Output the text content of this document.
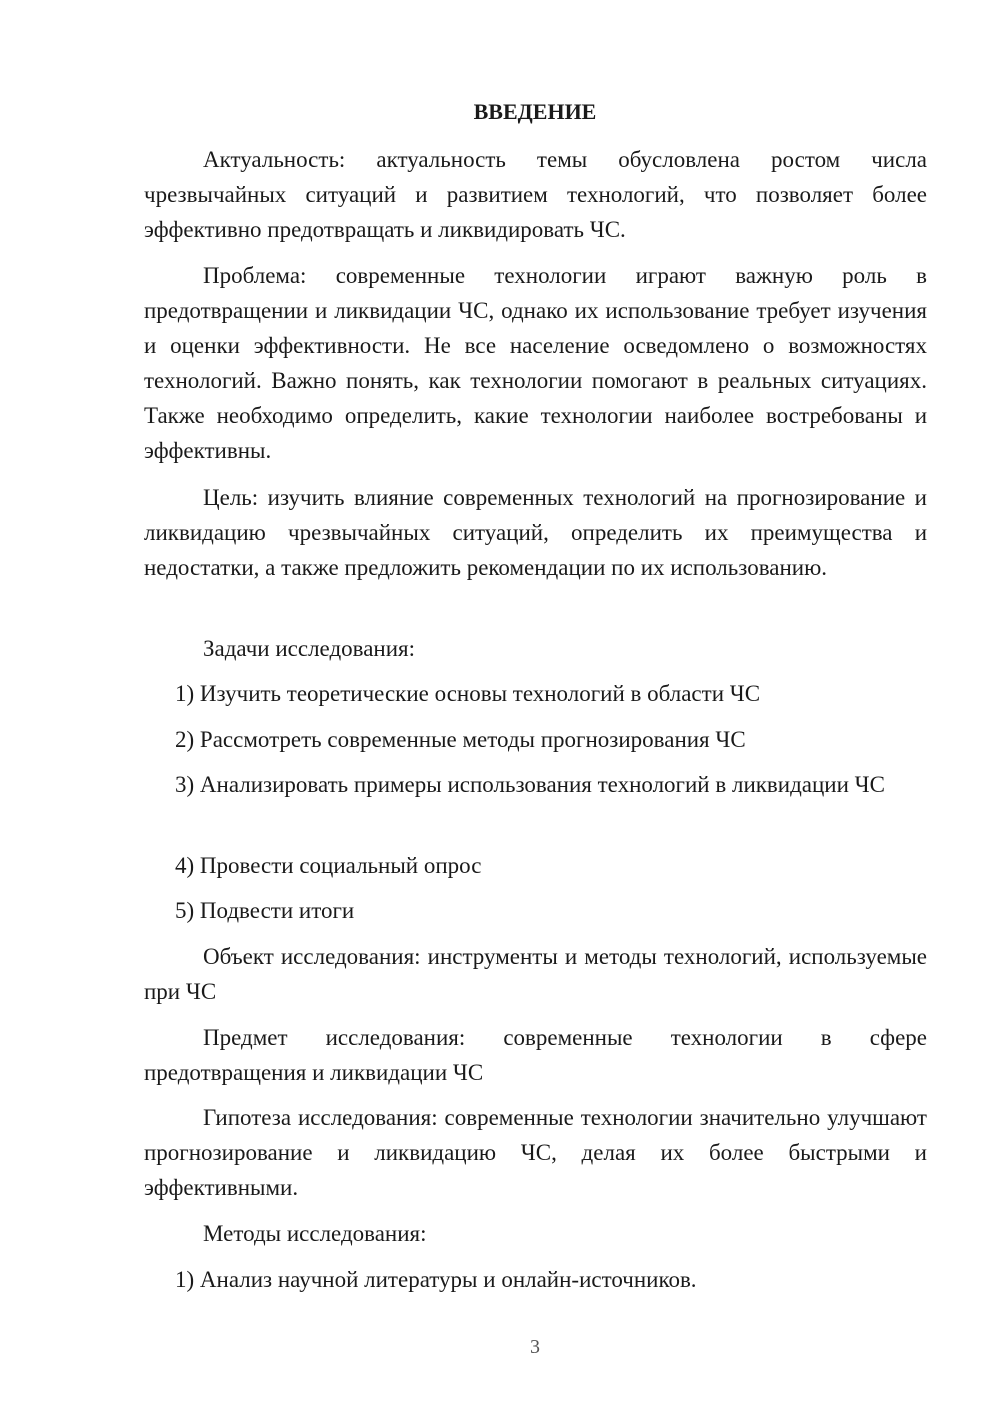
ВВЕДЕНИЕ

Актуальность: актуальность темы обусловлена ростом числа чрезвычайных ситуаций и развитием технологий, что позволяет более эффективно предотвращать и ликвидировать ЧС.

Проблема: современные технологии играют важную роль в предотвращении и ликвидации ЧС, однако их использование требует изучения и оценки эффективности. Не все население осведомлено о возможностях технологий. Важно понять, как технологии помогают в реальных ситуациях. Также необходимо определить, какие технологии наиболее востребованы и эффективны.

Цель: изучить влияние современных технологий на прогнозирование и ликвидацию чрезвычайных ситуаций, определить их преимущества и недостатки, а также предложить рекомендации по их использованию.

Задачи исследования:

1) Изучить теоретические основы технологий в области ЧС

2) Рассмотреть современные методы прогнозирования ЧС

3) Анализировать примеры использования технологий в ликвидации ЧС

4) Провести социальный опрос

5) Подвести итоги

Объект исследования: инструменты и методы технологий, используемые при ЧС

Предмет исследования: современные технологии в сфере предотвращения и ликвидации ЧС

Гипотеза исследования: современные технологии значительно улучшают прогнозирование и ликвидацию ЧС, делая их более быстрыми и эффективными.

Методы исследования:

1) Анализ научной литературы и онлайн-источников.

3
